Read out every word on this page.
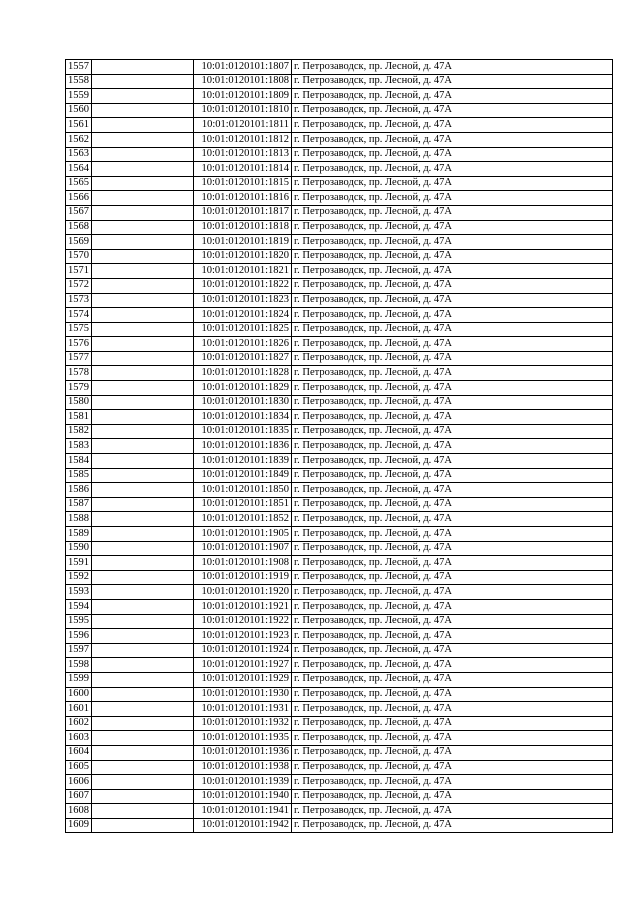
1557		10:01:0120101:1807	г. Петрозаводск, пр. Лесной, д. 47А
1558		10:01:0120101:1808	г. Петрозаводск, пр. Лесной, д. 47А
1559		10:01:0120101:1809	г. Петрозаводск, пр. Лесной, д. 47А
1560		10:01:0120101:1810	г. Петрозаводск, пр. Лесной, д. 47А
1561		10:01:0120101:1811	г. Петрозаводск, пр. Лесной, д. 47А
1562		10:01:0120101:1812	г. Петрозаводск, пр. Лесной, д. 47А
1563		10:01:0120101:1813	г. Петрозаводск, пр. Лесной, д. 47А
1564		10:01:0120101:1814	г. Петрозаводск, пр. Лесной, д. 47А
1565		10:01:0120101:1815	г. Петрозаводск, пр. Лесной, д. 47А
1566		10:01:0120101:1816	г. Петрозаводск, пр. Лесной, д. 47А
1567		10:01:0120101:1817	г. Петрозаводск, пр. Лесной, д. 47А
1568		10:01:0120101:1818	г. Петрозаводск, пр. Лесной, д. 47А
1569		10:01:0120101:1819	г. Петрозаводск, пр. Лесной, д. 47А
1570		10:01:0120101:1820	г. Петрозаводск, пр. Лесной, д. 47А
1571		10:01:0120101:1821	г. Петрозаводск, пр. Лесной, д. 47А
1572		10:01:0120101:1822	г. Петрозаводск, пр. Лесной, д. 47А
1573		10:01:0120101:1823	г. Петрозаводск, пр. Лесной, д. 47А
1574		10:01:0120101:1824	г. Петрозаводск, пр. Лесной, д. 47А
1575		10:01:0120101:1825	г. Петрозаводск, пр. Лесной, д. 47А
1576		10:01:0120101:1826	г. Петрозаводск, пр. Лесной, д. 47А
1577		10:01:0120101:1827	г. Петрозаводск, пр. Лесной, д. 47А
1578		10:01:0120101:1828	г. Петрозаводск, пр. Лесной, д. 47А
1579		10:01:0120101:1829	г. Петрозаводск, пр. Лесной, д. 47А
1580		10:01:0120101:1830	г. Петрозаводск, пр. Лесной, д. 47А
1581		10:01:0120101:1834	г. Петрозаводск, пр. Лесной, д. 47А
1582		10:01:0120101:1835	г. Петрозаводск, пр. Лесной, д. 47А
1583		10:01:0120101:1836	г. Петрозаводск, пр. Лесной, д. 47А
1584		10:01:0120101:1839	г. Петрозаводск, пр. Лесной, д. 47А
1585		10:01:0120101:1849	г. Петрозаводск, пр. Лесной, д. 47А
1586		10:01:0120101:1850	г. Петрозаводск, пр. Лесной, д. 47А
1587		10:01:0120101:1851	г. Петрозаводск, пр. Лесной, д. 47А
1588		10:01:0120101:1852	г. Петрозаводск, пр. Лесной, д. 47А
1589		10:01:0120101:1905	г. Петрозаводск, пр. Лесной, д. 47А
1590		10:01:0120101:1907	г. Петрозаводск, пр. Лесной, д. 47А
1591		10:01:0120101:1908	г. Петрозаводск, пр. Лесной, д. 47А
1592		10:01:0120101:1919	г. Петрозаводск, пр. Лесной, д. 47А
1593		10:01:0120101:1920	г. Петрозаводск, пр. Лесной, д. 47А
1594		10:01:0120101:1921	г. Петрозаводск, пр. Лесной, д. 47А
1595		10:01:0120101:1922	г. Петрозаводск, пр. Лесной, д. 47А
1596		10:01:0120101:1923	г. Петрозаводск, пр. Лесной, д. 47А
1597		10:01:0120101:1924	г. Петрозаводск, пр. Лесной, д. 47А
1598		10:01:0120101:1927	г. Петрозаводск, пр. Лесной, д. 47А
1599		10:01:0120101:1929	г. Петрозаводск, пр. Лесной, д. 47А
1600		10:01:0120101:1930	г. Петрозаводск, пр. Лесной, д. 47А
1601		10:01:0120101:1931	г. Петрозаводск, пр. Лесной, д. 47А
1602		10:01:0120101:1932	г. Петрозаводск, пр. Лесной, д. 47А
1603		10:01:0120101:1935	г. Петрозаводск, пр. Лесной, д. 47А
1604		10:01:0120101:1936	г. Петрозаводск, пр. Лесной, д. 47А
1605		10:01:0120101:1938	г. Петрозаводск, пр. Лесной, д. 47А
1606		10:01:0120101:1939	г. Петрозаводск, пр. Лесной, д. 47А
1607		10:01:0120101:1940	г. Петрозаводск, пр. Лесной, д. 47А
1608		10:01:0120101:1941	г. Петрозаводск, пр. Лесной, д. 47А
1609		10:01:0120101:1942	г. Петрозаводск, пр. Лесной, д. 47А
